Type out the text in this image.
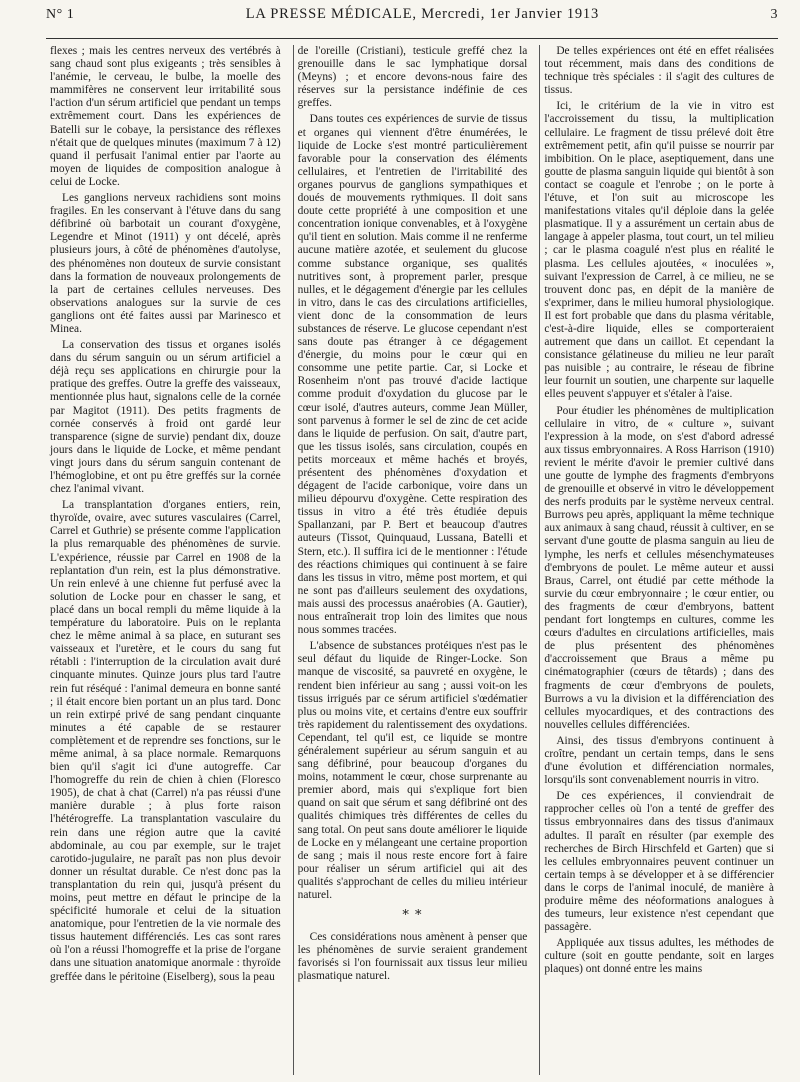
N° 1	LA PRESSE MÉDICALE, Mercredi, 1er Janvier 1913	3

flexes ; mais les centres nerveux des vertébrés à sang chaud sont plus exigeants ; très sensibles à l'anémie, le cerveau, le bulbe, la moelle des mammifères ne conservent leur irritabilité sous l'action d'un sérum artificiel que pendant un temps extrêmement court. Dans les expériences de Batelli sur le cobaye, la persistance des réflexes n'était que de quelques minutes (maximum 7 à 12) quand il perfusait l'animal entier par l'aorte au moyen de liquides de composition analogue à celui de Locke.

Les ganglions nerveux rachidiens sont moins fragiles. En les conservant à l'étuve dans du sang défibriné où barbotait un courant d'oxygène, Legendre et Minot (1911) y ont décelé, après plusieurs jours, à côté de phénomènes d'autolyse, des phénomènes non douteux de survie consistant dans la formation de nouveaux prolongements de la part de certaines cellules nerveuses. Des observations analogues sur la survie de ces ganglions ont été faites aussi par Marinesco et Minea.

La conservation des tissus et organes isolés dans du sérum sanguin ou un sérum artificiel a déjà reçu ses applications en chirurgie pour la pratique des greffes. Outre la greffe des vaisseaux, mentionnée plus haut, signalons celle de la cornée par Magitot (1911). Des petits fragments de cornée conservés à froid ont gardé leur transparence (signe de survie) pendant dix, douze jours dans le liquide de Locke, et même pendant vingt jours dans du sérum sanguin contenant de l'hémoglobine, et ont pu être greffés sur la cornée chez l'animal vivant.

La transplantation d'organes entiers, rein, thyroïde, ovaire, avec sutures vasculaires (Carrel, Carrel et Guthrie) se présente comme l'application la plus remarquable des phénomènes de survie. L'expérience, réussie par Carrel en 1908 de la replantation d'un rein, est la plus démonstrative. Un rein enlevé à une chienne fut perfusé avec la solution de Locke pour en chasser le sang, et placé dans un bocal rempli du même liquide à la température du laboratoire. Puis on le replanta chez le même animal à sa place, en suturant ses vaisseaux et l'uretère, et le cours du sang fut rétabli : l'interruption de la circulation avait duré cinquante minutes. Quinze jours plus tard l'autre rein fut réséqué : l'animal demeura en bonne santé ; il était encore bien portant un an plus tard. Donc un rein extirpé privé de sang pendant cinquante minutes a été capable de se restaurer complètement et de reprendre ses fonctions, sur le même animal, à sa place normale. Remarquons bien qu'il s'agit ici d'une autogreffe. Car l'homogreffe du rein de chien à chien (Floresco 1905), de chat à chat (Carrel) n'a pas réussi d'une manière durable ; à plus forte raison l'hétérogreffe. La transplantation vasculaire du rein dans une région autre que la cavité abdominale, au cou par exemple, sur le trajet carotido-jugulaire, ne paraît pas non plus devoir donner un résultat durable. Ce n'est donc pas la transplantation du rein qui, jusqu'à présent du moins, peut mettre en défaut le principe de la spécificité humorale et celui de la situation anatomique, pour l'entretien de la vie normale des tissus hautement différenciés. Les cas sont rares où l'on a réussi l'homogreffe et la prise de l'organe dans une situation anatomique anormale : thyroïde greffée dans le péritoine (Eiselberg), sous la peau

de l'oreille (Cristiani), testicule greffé chez la grenouille dans le sac lymphatique dorsal (Meyns) ; et encore devons-nous faire des réserves sur la persistance indéfinie de ces greffes.

Dans toutes ces expériences de survie de tissus et organes qui viennent d'être énumérées, le liquide de Locke s'est montré particulièrement favorable pour la conservation des éléments cellulaires, et l'entretien de l'irritabilité des organes pourvus de ganglions sympathiques et doués de mouvements rythmiques. Il doit sans doute cette propriété à une composition et une concentration ionique convenables, et à l'oxygène qu'il tient en solution. Mais comme il ne renferme aucune matière azotée, et seulement du glucose comme substance organique, ses qualités nutritives sont, à proprement parler, presque nulles, et le dégagement d'énergie par les cellules in vitro, dans le cas des circulations artificielles, vient donc de la consommation de leurs substances de réserve. Le glucose cependant n'est sans doute pas étranger à ce dégagement d'énergie, du moins pour le cœur qui en consomme une petite partie. Car, si Locke et Rosenheim n'ont pas trouvé d'acide lactique comme produit d'oxydation du glucose par le cœur isolé, d'autres auteurs, comme Jean Müller, sont parvenus à former le sel de zinc de cet acide dans le liquide de perfusion. On sait, d'autre part, que les tissus isolés, sans circulation, coupés en petits morceaux et même hachés et broyés, présentent des phénomènes d'oxydation et dégagent de l'acide carbonique, voire dans un milieu dépourvu d'oxygène. Cette respiration des tissus in vitro a été très étudiée depuis Spallanzani, par P. Bert et beaucoup d'autres auteurs (Tissot, Quinquaud, Lussana, Batelli et Stern, etc.). Il suffira ici de le mentionner : l'étude des réactions chimiques qui continuent à se faire dans les tissus in vitro, même post mortem, et qui ne sont pas d'ailleurs seulement des oxydations, mais aussi des processus anaérobies (A. Gautier), nous entraînerait trop loin des limites que nous nous sommes tracées.

L'absence de substances protéiques n'est pas le seul défaut du liquide de Ringer-Locke. Son manque de viscosité, sa pauvreté en oxygène, le rendent bien inférieur au sang ; aussi voit-on les tissus irrigués par ce sérum artificiel s'œdématier plus ou moins vite, et certains d'entre eux souffrir très rapidement du ralentissement des oxydations. Cependant, tel qu'il est, ce liquide se montre généralement supérieur au sérum sanguin et au sang défibriné, pour beaucoup d'organes du moins, notamment le cœur, chose surprenante au premier abord, mais qui s'explique fort bien quand on sait que sérum et sang défibriné ont des qualités chimiques très différentes de celles du sang total. On peut sans doute améliorer le liquide de Locke en y mélangeant une certaine proportion de sang ; mais il nous reste encore fort à faire pour réaliser un sérum artificiel qui ait des qualités s'approchant de celles du milieu intérieur naturel.

* *

Ces considérations nous amènent à penser que les phénomènes de survie seraient grandement favorisés si l'on fournissait aux tissus leur milieu plasmatique naturel.

De telles expériences ont été en effet réalisées tout récemment, mais dans des conditions de technique très spéciales : il s'agit des cultures de tissus.

Ici, le critérium de la vie in vitro est l'accroissement du tissu, la multiplication cellulaire. Le fragment de tissu prélevé doit être extrêmement petit, afin qu'il puisse se nourrir par imbibition. On le place, aseptiquement, dans une goutte de plasma sanguin liquide qui bientôt à son contact se coagule et l'enrobe ; on le porte à l'étuve, et l'on suit au microscope les manifestations vitales qu'il déploie dans la gelée plasmatique. Il y a assurément un certain abus de langage à appeler plasma, tout court, un tel milieu ; car le plasma coagulé n'est plus en réalité le plasma. Les cellules ajoutées, « inoculées », suivant l'expression de Carrel, à ce milieu, ne se trouvent donc pas, en dépit de la manière de s'exprimer, dans le milieu humoral physiologique. Il est fort probable que dans du plasma véritable, c'est-à-dire liquide, elles se comporteraient autrement que dans un caillot. Et cependant la consistance gélatineuse du milieu ne leur paraît pas nuisible ; au contraire, le réseau de fibrine leur fournit un soutien, une charpente sur laquelle elles peuvent s'appuyer et s'étaler à l'aise.

Pour étudier les phénomènes de multiplication cellulaire in vitro, de « culture », suivant l'expression à la mode, on s'est d'abord adressé aux tissus embryonnaires. A Ross Harrison (1910) revient le mérite d'avoir le premier cultivé dans une goutte de lymphe des fragments d'embryons de grenouille et observé in vitro le développement des nerfs produits par le système nerveux central. Burrows peu après, appliquant la même technique aux animaux à sang chaud, réussit à cultiver, en se servant d'une goutte de plasma sanguin au lieu de lymphe, les nerfs et cellules mésenchymateuses d'embryons de poulet. Le même auteur et aussi Braus, Carrel, ont étudié par cette méthode la survie du cœur embryonnaire ; le cœur entier, ou des fragments de cœur d'embryons, battent pendant fort longtemps en cultures, comme les cœurs d'adultes en circulations artificielles, mais de plus présentent des phénomènes d'accroissement que Braus a même pu cinématographier (cœurs de têtards) ; dans des fragments de cœur d'embryons de poulets, Burrows a vu la division et la différenciation des cellules myocardiques, et des contractions des nouvelles cellules différenciées.

Ainsi, des tissus d'embryons continuent à croître, pendant un certain temps, dans le sens d'une évolution et différenciation normales, lorsqu'ils sont convenablement nourris in vitro.

De ces expériences, il conviendrait de rapprocher celles où l'on a tenté de greffer des tissus embryonnaires dans des tissus d'animaux adultes. Il paraît en résulter (par exemple des recherches de Birch Hirschfeld et Garten) que si les cellules embryonnaires peuvent continuer un certain temps à se développer et à se différencier dans le corps de l'animal inoculé, de manière à produire même des néoformations analogues à des tumeurs, leur existence n'est cependant que passagère.

Appliquée aux tissus adultes, les méthodes de culture (soit en goutte pendante, soit en larges plaques) ont donné entre les mains
